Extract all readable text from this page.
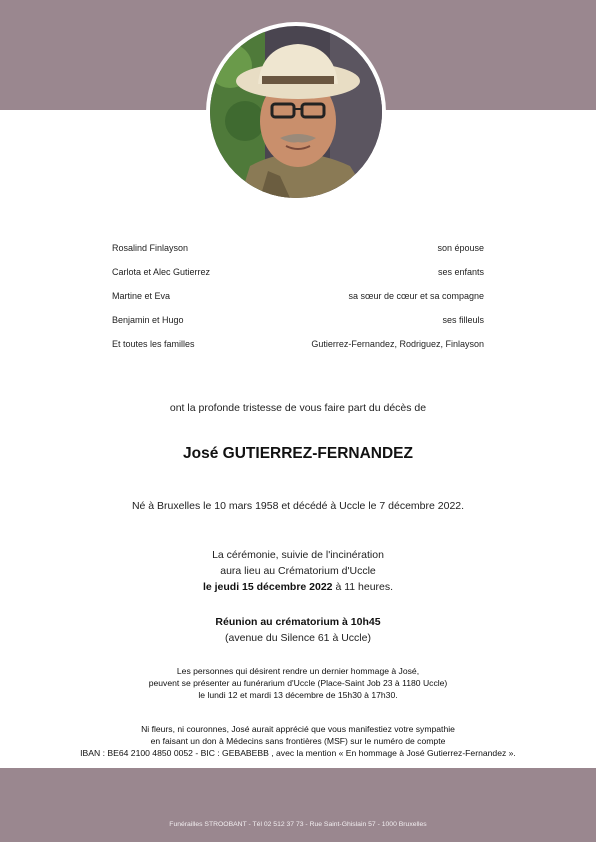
Rosalind Finlayson	son épouse
Carlota et Alec Gutierrez	ses enfants
Martine et Eva	sa sœur de cœur et sa compagne
Benjamin et Hugo	ses filleuls
Et toutes les familles	Gutierrez-Fernandez, Rodriguez, Finlayson
ont la profonde tristesse de vous faire part du décès de
José GUTIERREZ-FERNANDEZ
Né à Bruxelles le 10 mars 1958 et décédé à Uccle le 7 décembre 2022.
La cérémonie, suivie de l'incinération
aura lieu au Crématorium d'Uccle
le jeudi 15 décembre 2022 à 11 heures.
Réunion au crématorium à 10h45
(avenue du Silence 61 à Uccle)
Les personnes qui désirent rendre un dernier hommage à José,
peuvent se présenter au funérarium d'Uccle (Place-Saint Job 23 à 1180 Uccle)
le lundi 12 et mardi 13 décembre de 15h30 à 17h30.
Ni fleurs, ni couronnes, José aurait apprécié que vous manifestiez votre sympathie
en faisant un don à Médecins sans frontières (MSF) sur le numéro de compte
IBAN : BE64 2100 4850 0052 - BIC : GEBABEBB , avec la mention « En hommage à José Gutierrez-Fernandez ».
Funérailles STROOBANT - Tél 02 512 37 73 - Rue Saint-Ghislain 57 - 1000 Bruxelles
